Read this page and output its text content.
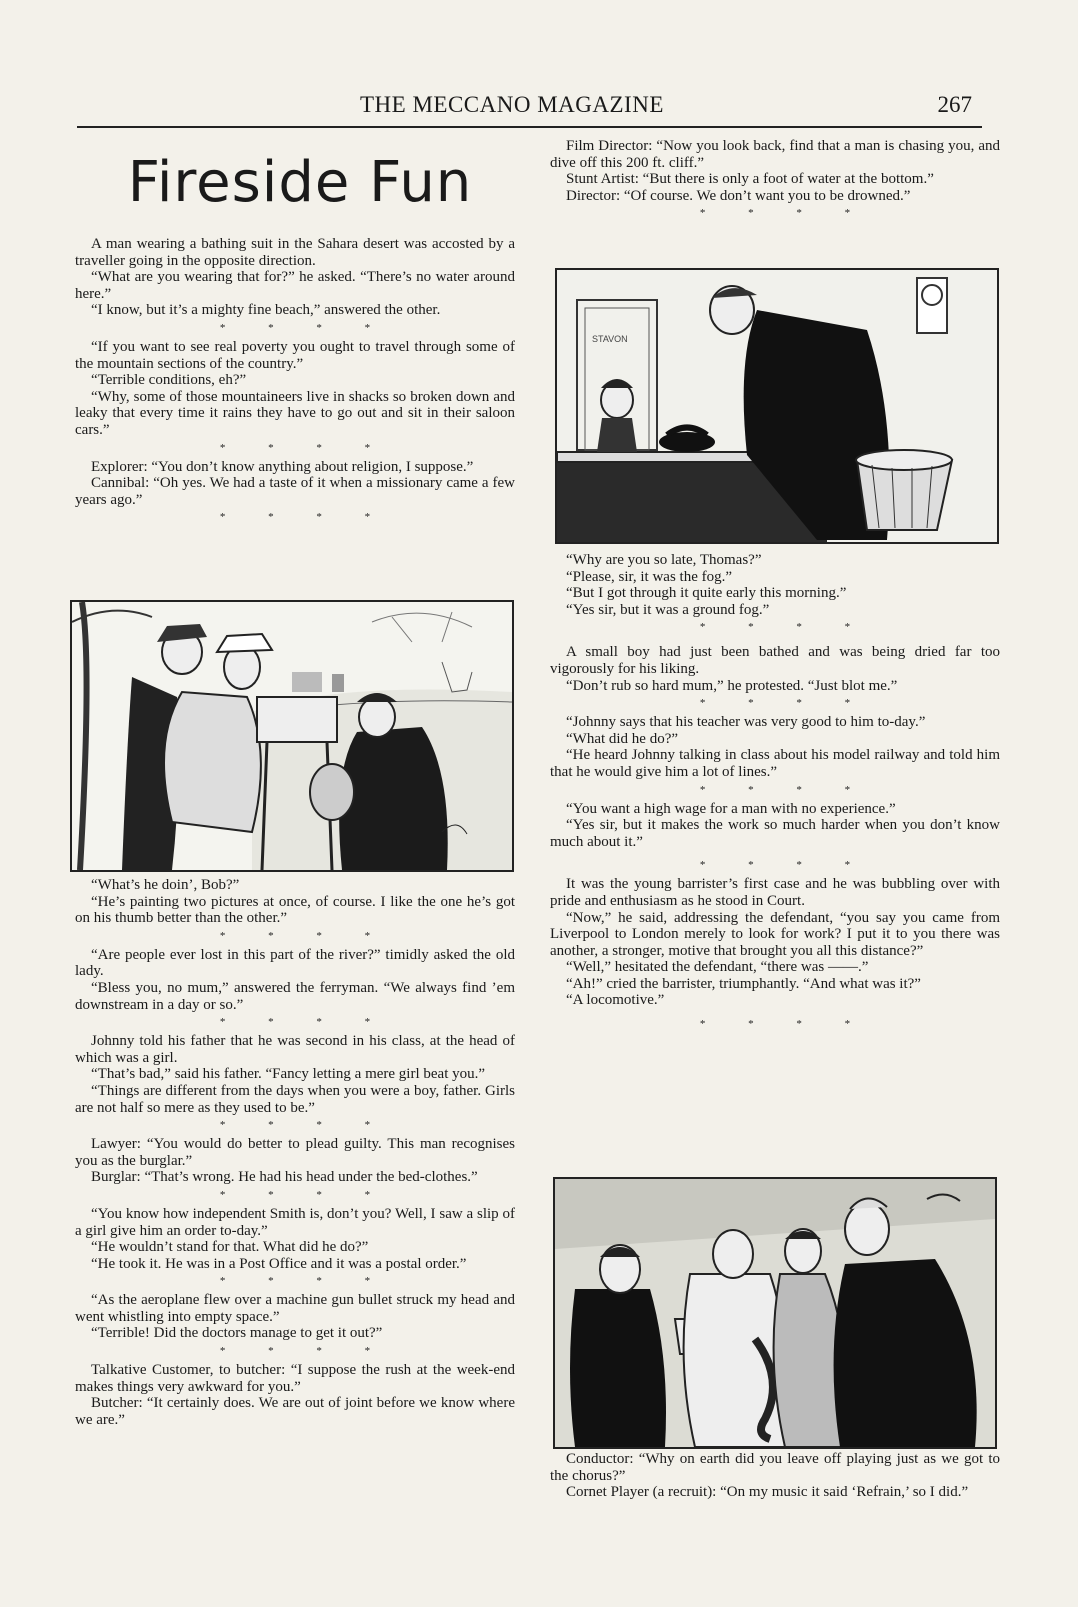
THE MECCANO MAGAZINE	267
Fireside Fun

A man wearing a bathing suit in the Sahara desert was accosted by a traveller going in the opposite direction.

“What are you wearing that for?” he asked. “There’s no water around here.”

“I know, but it’s a mighty fine beach,” answered the other.

* * * *

“If you want to see real poverty you ought to travel through some of the mountain sections of the country.”

“Terrible conditions, eh?”

“Why, some of those mountaineers live in shacks so broken down and leaky that every time it rains they have to go out and sit in their saloon cars.”

* * * *

Explorer: “You don’t know anything about religion, I suppose.”

Cannibal: “Oh yes. We had a taste of it when a missionary came a few years ago.”

* * * *

“What’s he doin’, Bob?”

“He’s painting two pictures at once, of course. I like the one he’s got on his thumb better than the other.”

* * * *

“Are people ever lost in this part of the river?” timidly asked the old lady.

“Bless you, no mum,” answered the ferryman. “We always find ’em downstream in a day or so.”

* * * *

Johnny told his father that he was second in his class, at the head of which was a girl.

“That’s bad,” said his father. “Fancy letting a mere girl beat you.”

“Things are different from the days when you were a boy, father. Girls are not half so mere as they used to be.”

* * * *

Lawyer: “You would do better to plead guilty. This man recognises you as the burglar.”

Burglar: “That’s wrong. He had his head under the bed-clothes.”

* * * *

“You know how independent Smith is, don’t you? Well, I saw a slip of a girl give him an order to-day.”

“He wouldn’t stand for that. What did he do?”

“He took it. He was in a Post Office and it was a postal order.”

* * * *

“As the aeroplane flew over a machine gun bullet struck my head and went whistling into empty space.”

“Terrible! Did the doctors manage to get it out?”

* * * *

Talkative Customer, to butcher: “I suppose the rush at the week-end makes things very awkward for you.”

Butcher: “It certainly does. We are out of joint before we know where we are.”

Film Director: “Now you look back, find that a man is chasing you, and dive off this 200 ft. cliff.”

Stunt Artist: “But there is only a foot of water at the bottom.”

Director: “Of course. We don’t want you to be drowned.”

* * * *
STAVON

“Why are you so late, Thomas?”

“Please, sir, it was the fog.”

“But I got through it quite early this morning.”

“Yes sir, but it was a ground fog.”

* * * *

A small boy had just been bathed and was being dried far too vigorously for his liking.

“Don’t rub so hard mum,” he protested. “Just blot me.”

* * * *

“Johnny says that his teacher was very good to him to-day.”

“What did he do?”

“He heard Johnny talking in class about his model railway and told him that he would give him a lot of lines.”

* * * *

“You want a high wage for a man with no experience.”

“Yes sir, but it makes the work so much harder when you don’t know much about it.”

* * * *

It was the young barrister’s first case and he was bubbling over with pride and enthusiasm as he stood in Court.

“Now,” he said, addressing the defendant, “you say you came from Liverpool to London merely to look for work? I put it to you there was another, a stronger, motive that brought you all this distance?”

“Well,” hesitated the defendant, “there was ——.”

“Ah!” cried the barrister, triumphantly. “And what was it?”

“A locomotive.”

* * * *

Conductor: “Why on earth did you leave off playing just as we got to the chorus?”

Cornet Player (a recruit): “On my music it said ‘Refrain,’ so I did.”
